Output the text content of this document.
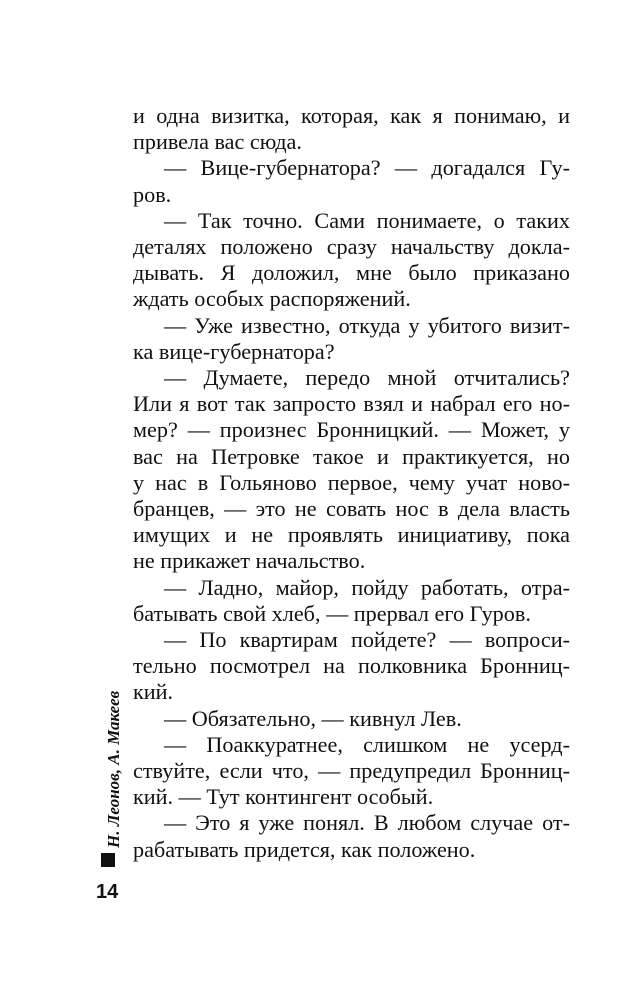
и одна визитка, которая, как я понимаю, и

привела вас сюда.

— Вице-губернатора? — догадался Гу-

ров.

— Так точно. Сами понимаете, о таких

деталях положено сразу начальству доклa-

дывать. Я доложил, мне было приказано

ждать особых распоряжений.

— Уже известно, откуда у убитого визит-

ка вице-губернатора?

— Думаете, передо мной отчитались?

Или я вот так запросто взял и набрал его но-

мер? — произнес Бронницкий. — Может, у

вас на Петровке такое и практикуется, но

у нас в Гольяново первое, чему учат ново-

бранцев, — это не совать нос в дела власть

имущих и не проявлять инициативу, пока

не прикажет начальство.

— Ладно, майор, пойду работать, отра-

батывать свой хлеб, — прервал его Гуров.

— По квартирам пойдете? — вопроси-

тельно посмотрел на полковника Бронниц-

кий.

— Обязательно, — кивнул Лев.

— Поаккуратнее, слишком не усерд-

ствуйте, если что, — предупредил Бронниц-

кий. — Тут контингент особый.

— Это я уже понял. В любом случае от-

рабатывать придется, как положено.

Н. Леонов, А. Макеев
14
